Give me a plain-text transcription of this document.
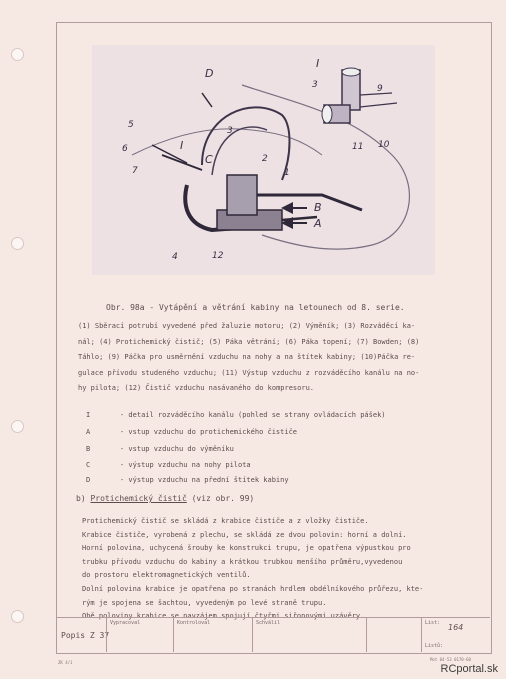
D
C
I
I
A
B
1
2
3
4
5
6
7
12
3	9
10
11
Obr. 98a - Vytápění a větrání kabiny na letounech od 8. serie.
(1) Sběrací potrubí vyvedené před žaluzie motoru; (2) Výměník; (3) Rozváděcí ka-
nál; (4) Protichemický čistič; (5) Páka větrání; (6) Páka topení; (7) Bowden; (8)
Táhlo; (9) Páčka pro usměrnění vzduchu na nohy a na štítek kabiny; (10)Páčka re-
gulace přívodu studeného vzduchu; (11) Výstup vzduchu z rozváděcího kanálu na no-
hy pilota; (12) Čistič vzduchu nasávaného do kompresoru.
I	- detail rozváděcího kanálu (pohled se strany ovládacích pášek)
A	- vstup vzduchu do protichemického čističe
B	- vstup vzduchu do výměníku
C	- výstup vzduchu na nohy pilota
D	- výstup vzduchu na přední štítek kabiny
b) Protichemický čistič (viz obr. 99)
Protichemický čistič se skládá z krabice čističe a z vložky čističe.
Krabice čističe, vyrobená z plechu, se skládá ze dvou polovin: horní a dolní.
Horní polovina, uchycená šrouby ke konstrukci trupu, je opatřena výpustkou pro
trubku přívodu vzduchu do kabiny a krátkou trubkou menšího průměru,vyvedenou
do prostoru elektromagnetických ventilů.
Dolní polovina krabice je opatřena po stranách hrdlem obdélníkového průřezu, kte-
rým je spojena se šachtou, vyvedeným po levé straně trupu.
Obě poloviny krabice se navzájem spojují čtyřmi siřonovými uzávěry.
Popis Z 37
Vypracoval	Kontroloval	Schválil	List: 164
Listů:
ZK 4/1
Mot 04-53 0170-60
RCportal.sk
